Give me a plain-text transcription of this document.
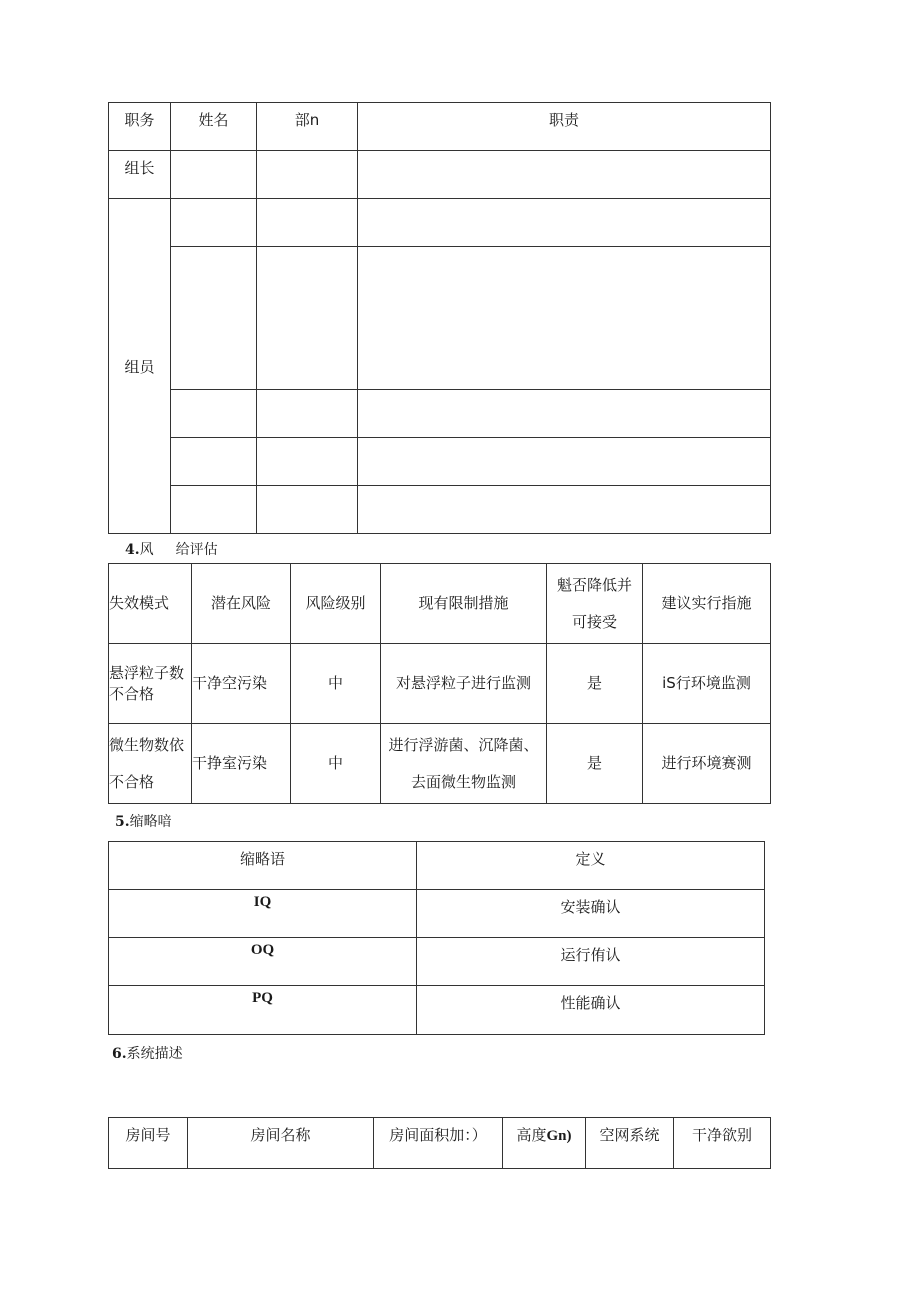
职务	姓名	部n	职责

组长			

组员			

4.风 给评估
失效模式	潜在风险	风险级别	现有限制措施	魁否降低并可接受	建议实行指施
悬浮粒子数不合格	干净空污染	中	对悬浮粒子进行监测	是	iS行环境监测
微生物数依不合格	干挣室污染	中	进行浮游菌、沉降菌、去面微生物监测	是	进行环境赛测
5.缩略喑
缩略语	定义

IQ	安装确认

OQ	运行侑认

PQ	性能确认
6.系统描述
房间号	房间名称	房间面积加：）	高度Gn)	空网系统	干净欲别
